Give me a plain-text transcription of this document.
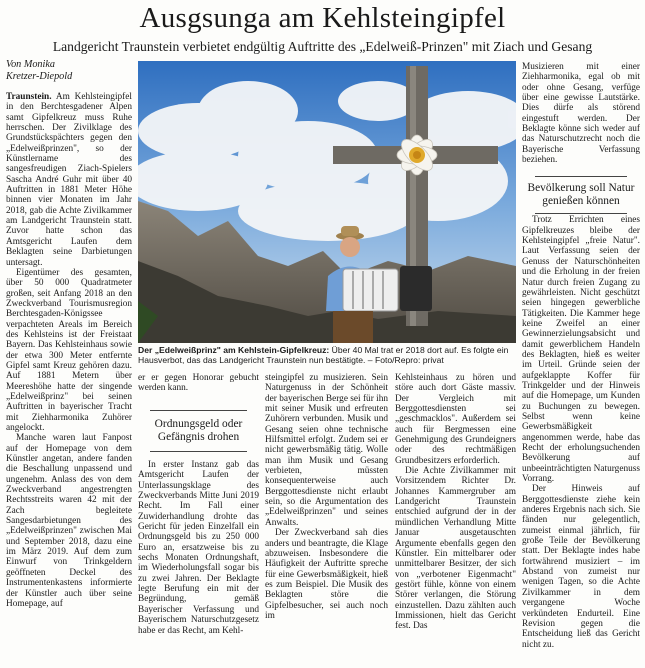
Ausgsunga am Kehlsteingipfel
Landgericht Traunstein verbietet endgültig Auftritte des „Edelweiß-Prinzen" mit Ziach und Gesang
Von Monika
Kretzer-Diepold
Der „Edelweißprinz" am Kehlstein-Gipfelkreuz: Über 40 Mal trat er 2018 dort auf. Es folgte ein Hausverbot, das das Landgericht Traunstein nun bestätigte. – Foto/Repro: privat

Traunstein. Am Kehlsteingipfel in den Berchtesgadener Alpen samt Gipfelkreuz muss Ruhe herrschen. Der Zivilklage des Grundstückspächters gegen den „Edelweißprinzen", so der Künstlername des sangesfreudigen Ziach-Spielers Sascha André Guhr mit über 40 Auftritten in 1881 Meter Höhe binnen vier Monaten im Jahr 2018, gab die Achte Zivilkammer am Landgericht Traunstein statt. Zuvor hatte schon das Amtsgericht Laufen dem Beklagten seine Darbietungen untersagt.

Eigentümer des gesamten, über 50 000 Quadratmeter großen, seit Anfang 2018 an den Zweckverband Tourismusregion Berchtesgaden-Königssee verpachteten Areals im Bereich des Kehlsteins ist der Freistaat Bayern. Das Kehlsteinhaus sowie der etwa 300 Meter entfernte Gipfel samt Kreuz gehören dazu. Auf 1881 Metern über Meereshöhe hatte der singende „Edelweißprinz" bei seinen Auftritten in bayerischer Tracht mit Ziehharmonika Zuhörer angelockt.

Manche waren laut Fanpost auf der Homepage von dem Künstler angetan, andere fanden die Beschallung unpassend und ungenehm. Anlass des von dem Zweckverband angestrengten Rechtsstreits waren 42 mit der Zach begleitete Sangesdarbietungen des „Edelweißprinzen" zwischen Mai und September 2018, dazu eine im März 2019. Auf dem zum Einwurf von Trinkgeldern geöffneten Deckel des Instrumentenkastens informierte der Künstler auch über seine Homepage, auf

er er gegen Honorar gebucht werden kann.

Ordnungsgeld oder Gefängnis drohen

In erster Instanz gab das Amtsgericht Laufen der Unterlassungsklage des Zweckverbands Mitte Juni 2019 Recht. Im Fall einer Zuwiderhandlung drohte das Gericht für jeden Einzelfall ein Ordnungsgeld bis zu 250 000 Euro an, ersatzweise bis zu sechs Monaten Ordnungshaft, im Wiederholungsfall sogar bis zu zwei Jahren. Der Beklagte legte Berufung ein mit der Begründung, gemäß Bayerischer Verfassung und Bayerischem Naturschutzgesetz habe er das Recht, am Kehl-

steingipfel zu musizieren. Sein Naturgenuss in der Schönheit der bayerischen Berge sei für ihn mit seiner Musik und erfreuten Zuhörern verbunden. Musik und Gesang seien ohne technische Hilfsmittel erfolgt. Zudem sei er nicht gewerbsmäßig tätig. Wolle man ihm Musik und Gesang verbieten, müssten konsequenterweise auch Berggottesdienste nicht erlaubt sein, so die Argumentation des „Edelweißprinzen" und seines Anwalts.

Der Zweckverband sah dies anders und beantragte, die Klage abzuweisen. Insbesondere die Häufigkeit der Auftritte spreche für eine Gewerbsmäßigkeit, hieß es zum Beispiel. Die Musik des Beklagten störe die Gipfelbesucher, sei auch noch im

Kehlsteinhaus zu hören und störe auch dort Gäste massiv. Der Vergleich mit Berggottesdiensten sei „geschmacklos". Außerdem sei auch für Bergmessen eine Genehmigung des Grundeigners oder des rechtmäßigen Grundbesitzers erforderlich.

Die Achte Zivilkammer mit Vorsitzendem Richter Dr. Johannes Kammergruber am Landgericht Traunstein entschied aufgrund der in der mündlichen Verhandlung Mitte Januar ausgetauschten Argumente ebenfalls gegen den Künstler. Ein mittelbarer oder unmittelbarer Besitzer, der sich von „verbotener Eigenmacht" gestört fühle, könne von einem Störer verlangen, die Störung einzustellen. Dazu zählten auch Immissionen, hielt das Gericht fest. Das

Musizieren mit einer Ziehharmonika, egal ob mit oder ohne Gesang, verfüge über eine gewisse Lautstärke. Dies dürfe als störend eingestuft werden. Der Beklagte könne sich weder auf das Naturschutzrecht noch die Bayerische Verfassung beziehen.

Trotz Errichten eines Gipfelkreuzes bleibe der Kehlsteingipfel „freie Natur". Laut Verfassung seien der Genuss der Naturschönheiten und die Erholung in der freien Natur durch freien Zugang zu gewährleisten. Nicht geschützt seien hingegen gewerbliche Tätigkeiten. Die Kammer hege keine Zweifel an einer Gewinnerzielungsabsicht und damit gewerblichem Handeln des Beklagten, hieß es weiter im Urteil. Gründe seien der aufgeklappte Koffer für Trinkgelder und der Hinweis auf die Homepage, um Kunden zu Buchungen zu bewegen. Selbst wenn keine Gewerbsmäßigkeit angenommen werde, habe das Recht der erholungsuchenden Bevölkerung auf unbeeinträchtigten Naturgenuss Vorrang.

Der Hinweis auf Berggottesdienste ziehe kein anderes Ergebnis nach sich. Sie fänden nur gelegentlich, zumeist einmal jährlich, für große Teile der Bevölkerung statt. Der Beklagte indes habe fortwährend musiziert – im Abstand von zumeist nur wenigen Tagen, so die Achte Zivilkammer in dem vergangene Woche verkündeten Endurteil. Eine Revision gegen die Entscheidung ließ das Gericht nicht zu.

Bevölkerung soll Natur genießen können
